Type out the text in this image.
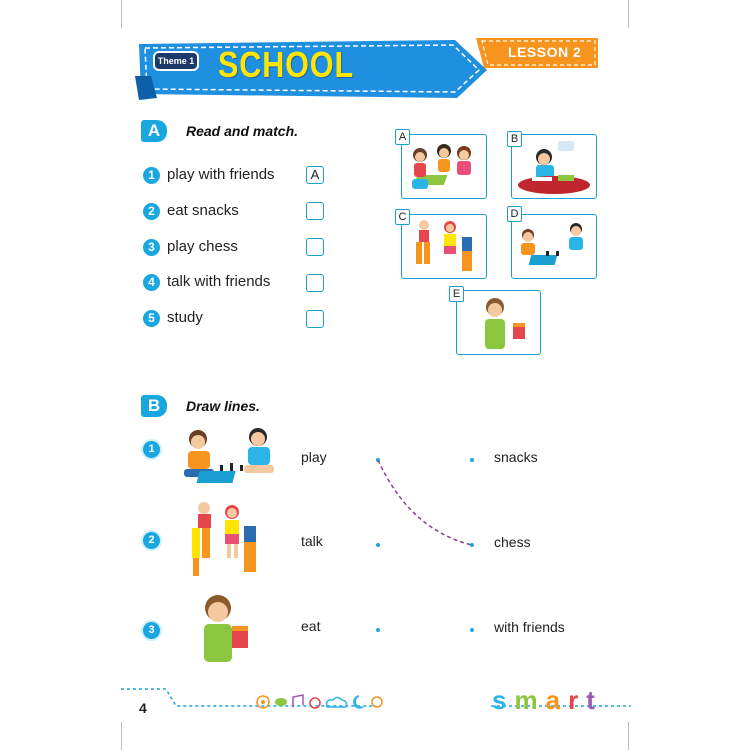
Theme 1 SCHOOL	LESSON 2
A	Read and match.
1 play with friends	A
2 eat snacks
3 play chess
4 talk with friends
5 study
A	B
C	D
E
B	Draw lines.
1
2
3
play
talk
eat
snacks
chess
with friends
4	smart
